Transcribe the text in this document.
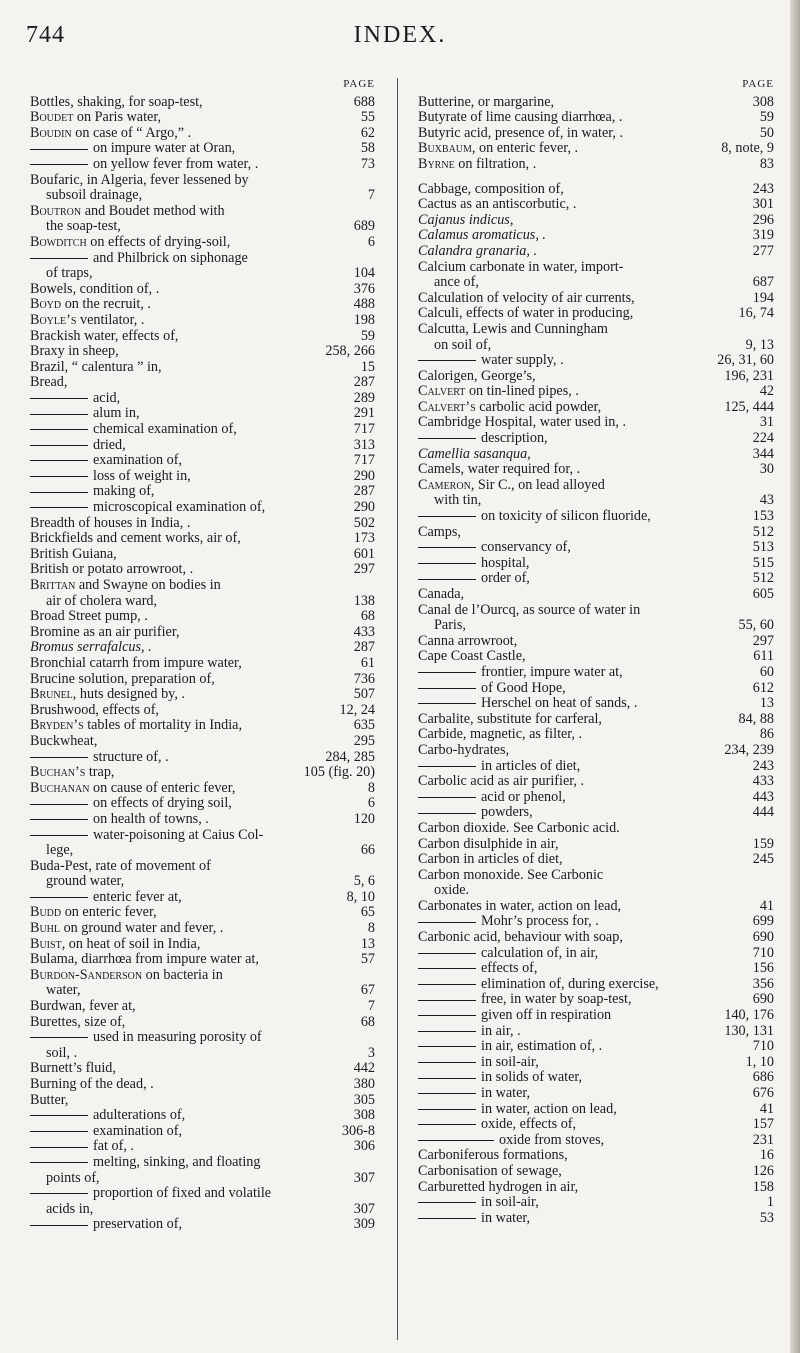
INDEX.
744
PAGE
Bottles, shaking, for soap-test,	688
Boudet on Paris water,	55
Boudin on case of “ Argo,” .	62
on impure water at Oran,	58
on yellow fever from water, .	73
Boufaric, in Algeria, fever lessened by
subsoil drainage,	7
Boutron and Boudet method with
the soap-test,	689
Bowditch on effects of drying-soil,	6
and Philbrick on siphonage
of traps,	104
Bowels, condition of, .	376
Boyd on the recruit, .	488
Boyle’s ventilator, .	198
Brackish water, effects of,	59
Braxy in sheep,	258, 266
Brazil, “ calentura ” in,	15
Bread,	287
acid,	289
alum in,	291
chemical examination of,	717
dried,	313
examination of,	717
loss of weight in,	290
making of,	287
microscopical examination of,	290
Breadth of houses in India, .	502
Brickfields and cement works, air of,	173
British Guiana,	601
British or potato arrowroot, .	297
Brittan and Swayne on bodies in
air of cholera ward,	138
Broad Street pump, .	68
Bromine as an air purifier,	433
Bromus serrafalcus, .	287
Bronchial catarrh from impure water,	61
Brucine solution, preparation of,	736
Brunel, huts designed by, .	507
Brushwood, effects of,	12, 24
Bryden’s tables of mortality in India,	635
Buckwheat,	295
structure of, .	284, 285
Buchan’s trap,	105 (fig. 20)
Buchanan on cause of enteric fever,	8
on effects of drying soil,	6
on health of towns, .	120
water-poisoning at Caius Col-
lege,	66
Buda-Pest, rate of movement of
ground water,	5, 6
enteric fever at,	8, 10
Budd on enteric fever,	65
Buhl on ground water and fever, .	8
Buist, on heat of soil in India,	13
Bulama, diarrhœa from impure water at,	57
Burdon-Sanderson on bacteria in
water,	67
Burdwan, fever at,	7
Burettes, size of,	68
used in measuring porosity of
soil, .	3
Burnett’s fluid,	442
Burning of the dead, .	380
Butter,	305
adulterations of,	308
examination of,	306-8
fat of, .	306
melting, sinking, and floating
points of,	307
proportion of fixed and volatile
acids in,	307
preservation of,	309
PAGE
Butterine, or margarine,	308
Butyrate of lime causing diarrhœa, .	59
Butyric acid, presence of, in water, .	50
Buxbaum, on enteric fever, .	8, note, 9
Byrne on filtration, .	83
Cabbage, composition of,	243
Cactus as an antiscorbutic, .	301
Cajanus indicus,	296
Calamus aromaticus, .	319
Calandra granaria, .	277
Calcium carbonate in water, import-
ance of,	687
Calculation of velocity of air currents,	194
Calculi, effects of water in producing,	16, 74
Calcutta, Lewis and Cunningham
on soil of,	9, 13
water supply, .	26, 31, 60
Calorigen, George’s,	196, 231
Calvert on tin-lined pipes, .	42
Calvert’s carbolic acid powder,	125, 444
Cambridge Hospital, water used in, .	31
description,	224
Camellia sasanqua,	344
Camels, water required for, .	30
Cameron, Sir C., on lead alloyed
with tin,	43
on toxicity of silicon fluoride,	153
Camps,	512
conservancy of,	513
hospital,	515
order of,	512
Canada,	605
Canal de l’Ourcq, as source of water in
Paris,	55, 60
Canna arrowroot,	297
Cape Coast Castle,	611
frontier, impure water at,	60
of Good Hope,	612
Herschel on heat of sands, .	13
Carbalite, substitute for carferal,	84, 88
Carbide, magnetic, as filter, .	86
Carbo-hydrates,	234, 239
in articles of diet,	243
Carbolic acid as air purifier, .	433
acid or phenol,	443
powders,	444
Carbon dioxide. See Carbonic acid.
Carbon disulphide in air,	159
Carbon in articles of diet,	245
Carbon monoxide. See Carbonic
oxide.
Carbonates in water, action on lead,	41
Mohr’s process for, .	699
Carbonic acid, behaviour with soap,	690
calculation of, in air,	710
effects of,	156
elimination of, during exercise,	356
free, in water by soap-test,	690
given off in respiration	140, 176
in air, .	130, 131
in air, estimation of, .	710
in soil-air,	1, 10
in solids of water,	686
in water,	676
in water, action on lead,	41
oxide, effects of,	157
oxide from stoves,	231
Carboniferous formations,	16
Carbonisation of sewage,	126
Carburetted hydrogen in air,	158
in soil-air,	1
in water,	53
